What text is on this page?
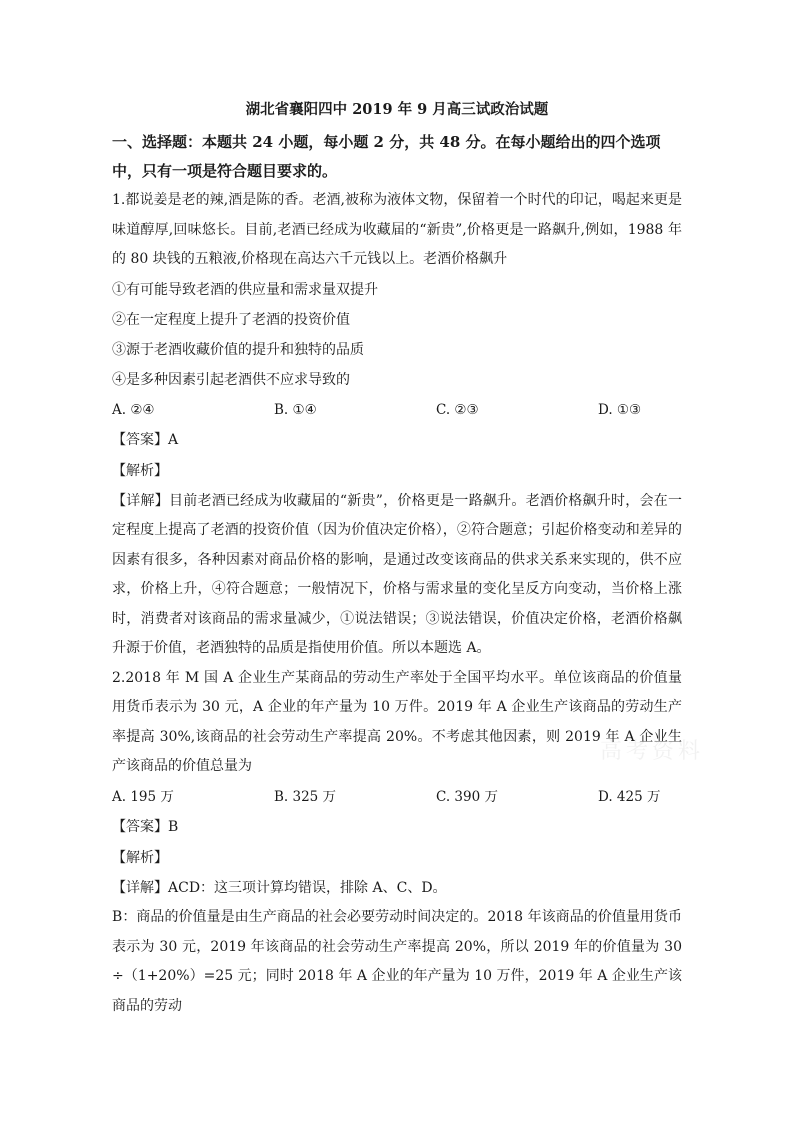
高考资料

湖北省襄阳四中 2019 年 9 月高三试政治试题

一、选择题：本题共 24 小题，每小题 2 分，共 48 分。在每小题给出的四个选项中，只有一项是符合题目要求的。

1.都说姜是老的辣,酒是陈的香。老酒,被称为液体文物，保留着一个时代的印记，喝起来更是味道醇厚,回味悠长。目前,老酒已经成为收藏届的“新贵”,价格更是一路飙升,例如，1988 年的 80 块钱的五粮液,价格现在高达六千元钱以上。老酒价格飙升

①有可能导致老酒的供应量和需求量双提升

②在一定程度上提升了老酒的投资价值

③源于老酒收藏价值的提升和独特的品质

④是多种因素引起老酒供不应求导致的

A. ②④	B. ①④	C. ②③	D. ①③

【答案】A

【解析】

【详解】目前老酒已经成为收藏届的“新贵”，价格更是一路飙升。老酒价格飙升时，会在一定程度上提高了老酒的投资价值（因为价值决定价格），②符合题意；引起价格变动和差异的因素有很多，各种因素对商品价格的影响，是通过改变该商品的供求关系来实现的，供不应求，价格上升，④符合题意；一般情况下，价格与需求量的变化呈反方向变动，当价格上涨时，消费者对该商品的需求量减少，①说法错误；③说法错误，价值决定价格，老酒价格飙升源于价值，老酒独特的品质是指使用价值。所以本题选 A。

2.2018 年 M 国 A 企业生产某商品的劳动生产率处于全国平均水平。单位该商品的价值量用货币表示为 30 元，A 企业的年产量为 10 万件。2019 年 A 企业生产该商品的劳动生产率提高 30%,该商品的社会劳动生产率提高 20%。不考虑其他因素，则 2019 年 A 企业生产该商品的价值总量为

A. 195 万	B. 325 万	C. 390 万	D. 425 万

【答案】B

【解析】

【详解】ACD：这三项计算均错误，排除 A、C、D。

B：商品的价值量是由生产商品的社会必要劳动时间决定的。2018 年该商品的价值量用货币表示为 30 元，2019 年该商品的社会劳动生产率提高 20%，所以 2019 年的价值量为 30÷（1+20%）=25 元；同时 2018 年 A 企业的年产量为 10 万件，2019 年 A 企业生产该商品的劳动
